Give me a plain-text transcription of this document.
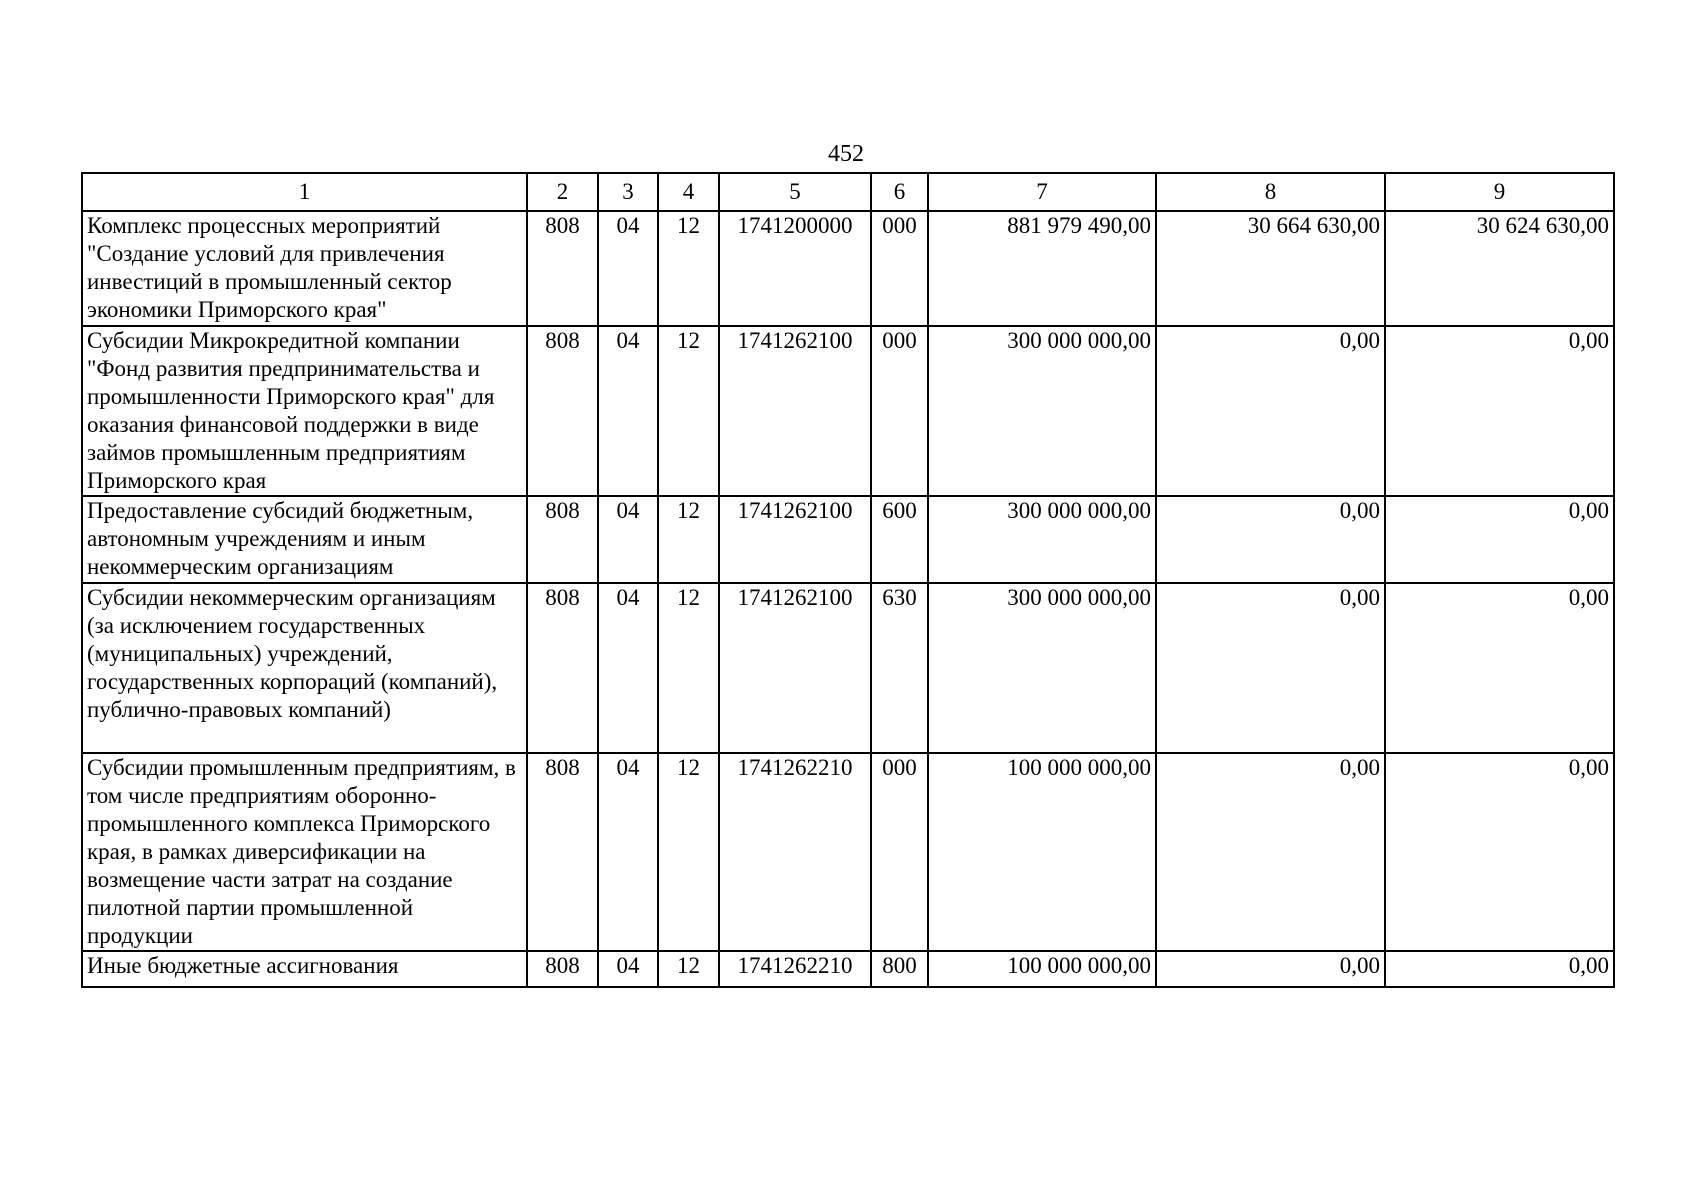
452
1	2	3	4	5	6	7	8	9
Комплекс процессных мероприятий "Создание условий для привлечения инвестиций в промышленный сектор экономики Приморского края"	808	04	12	1741200000	000	881 979 490,00	30 664 630,00	30 624 630,00
Субсидии Микрокредитной компании "Фонд развития предпринимательства и промышленности Приморского края" для оказания финансовой поддержки в виде займов промышленным предприятиям Приморского края	808	04	12	1741262100	000	300 000 000,00	0,00	0,00
Предоставление субсидий бюджетным, автономным учреждениям и иным некоммерческим организациям	808	04	12	1741262100	600	300 000 000,00	0,00	0,00
Субсидии некоммерческим организациям (за исключением государственных (муниципальных) учреждений, государственных корпораций (компаний), публично-правовых компаний)	808	04	12	1741262100	630	300 000 000,00	0,00	0,00
Субсидии промышленным предприятиям, в том числе предприятиям оборонно-промышленного комплекса Приморского края, в рамках диверсификации на возмещение части затрат на создание пилотной партии промышленной продукции	808	04	12	1741262210	000	100 000 000,00	0,00	0,00
Иные бюджетные ассигнования	808	04	12	1741262210	800	100 000 000,00	0,00	0,00
